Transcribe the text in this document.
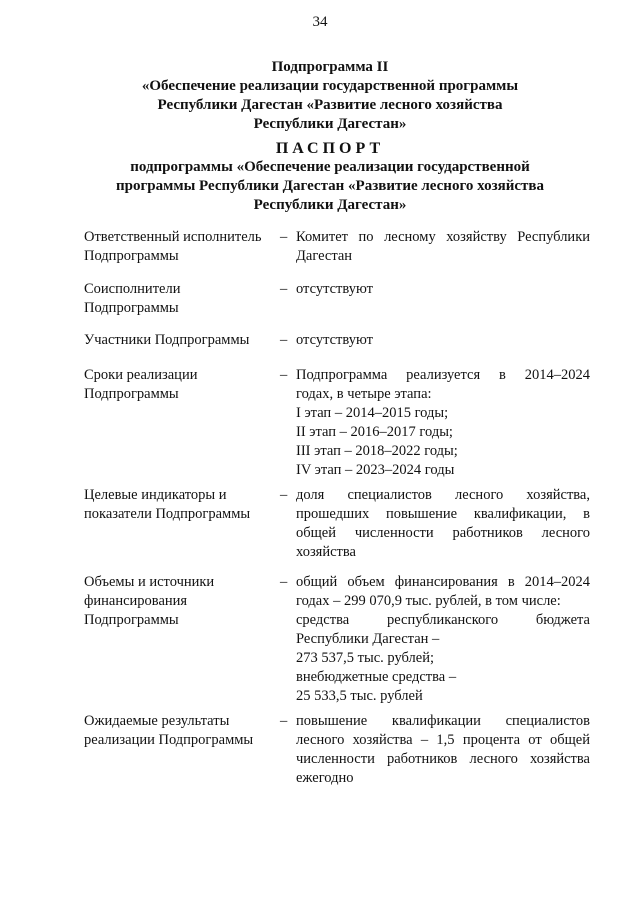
34
Подпрограмма II
«Обеспечение реализации государственной программы
Республики Дагестан «Развитие лесного хозяйства
Республики Дагестан»
ПАСПОРТ
подпрограммы «Обеспечение реализации государственной
программы Республики Дагестан «Развитие лесного хозяйства
Республики Дагестан»
Ответственный исполнитель
Подпрограммы
– Комитет по лесному хозяйству Республики
Дагестан
Соисполнители
Подпрограммы
– отсутствуют
Участники Подпрограммы	– отсутствуют
Сроки реализации
Подпрограммы
– Подпрограмма реализуется в 2014–2024
годах, в четыре этапа:
I этап – 2014–2015 годы;
II этап – 2016–2017 годы;
III этап – 2018–2022 годы;
IV этап – 2023–2024 годы
Целевые индикаторы и
показатели Подпрограммы
– доля специалистов лесного хозяйства,
прошедших повышение квалификации, в
общей численности работников лесного
хозяйства
Объемы и источники
финансирования
Подпрограммы
– общий объем финансирования в 2014–2024
годах – 299 070,9 тыс. рублей, в том числе:
средства республиканского бюджета
Республики Дагестан –
273 537,5 тыс. рублей;
внебюджетные средства –
25 533,5 тыс. рублей
Ожидаемые результаты
реализации Подпрограммы
– повышение квалификации специалистов
лесного хозяйства – 1,5 процента от общей
численности работников лесного хозяйства
ежегодно
